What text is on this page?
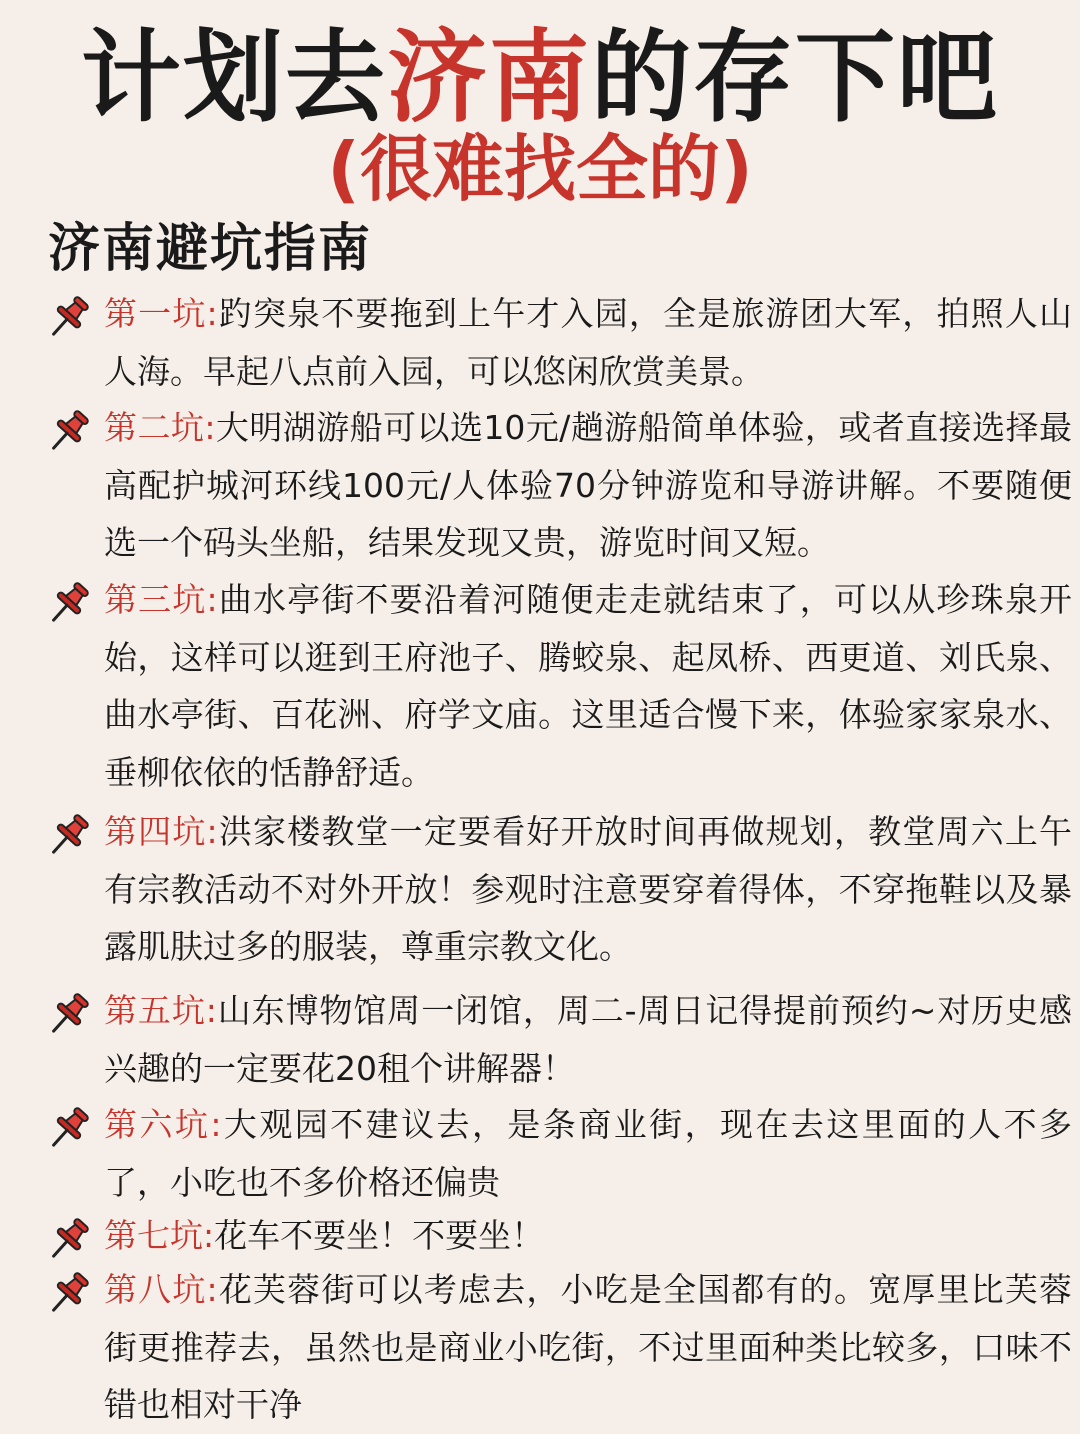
计划去济南的存下吧
(很难找全的)
济南避坑指南
第一坑:趵突泉不要拖到上午才入园，全是旅游团大军，拍照人山人海。早起八点前入园，可以悠闲欣赏美景。
第二坑:大明湖游船可以选10元/趟游船简单体验，或者直接选择最高配护城河环线100元/人体验70分钟游览和导游讲解。不要随便选一个码头坐船，结果发现又贵，游览时间又短。
第三坑:曲水亭街不要沿着河随便走走就结束了，可以从珍珠泉开始，这样可以逛到王府池子、腾蛟泉、起凤桥、西更道、刘氏泉、曲水亭街、百花洲、府学文庙。这里适合慢下来，体验家家泉水、垂柳依依的恬静舒适。
第四坑:洪家楼教堂一定要看好开放时间再做规划，教堂周六上午有宗教活动不对外开放！参观时注意要穿着得体，不穿拖鞋以及暴露肌肤过多的服装，尊重宗教文化。
第五坑:山东博物馆周一闭馆，周二-周日记得提前预约~对历史感兴趣的一定要花20租个讲解器！
第六坑:大观园不建议去，是条商业街，现在去这里面的人不多了，小吃也不多价格还偏贵
第七坑:花车不要坐！不要坐！
第八坑:花芙蓉街可以考虑去，小吃是全国都有的。宽厚里比芙蓉街更推荐去，虽然也是商业小吃街，不过里面种类比较多，口味不错也相对干净
